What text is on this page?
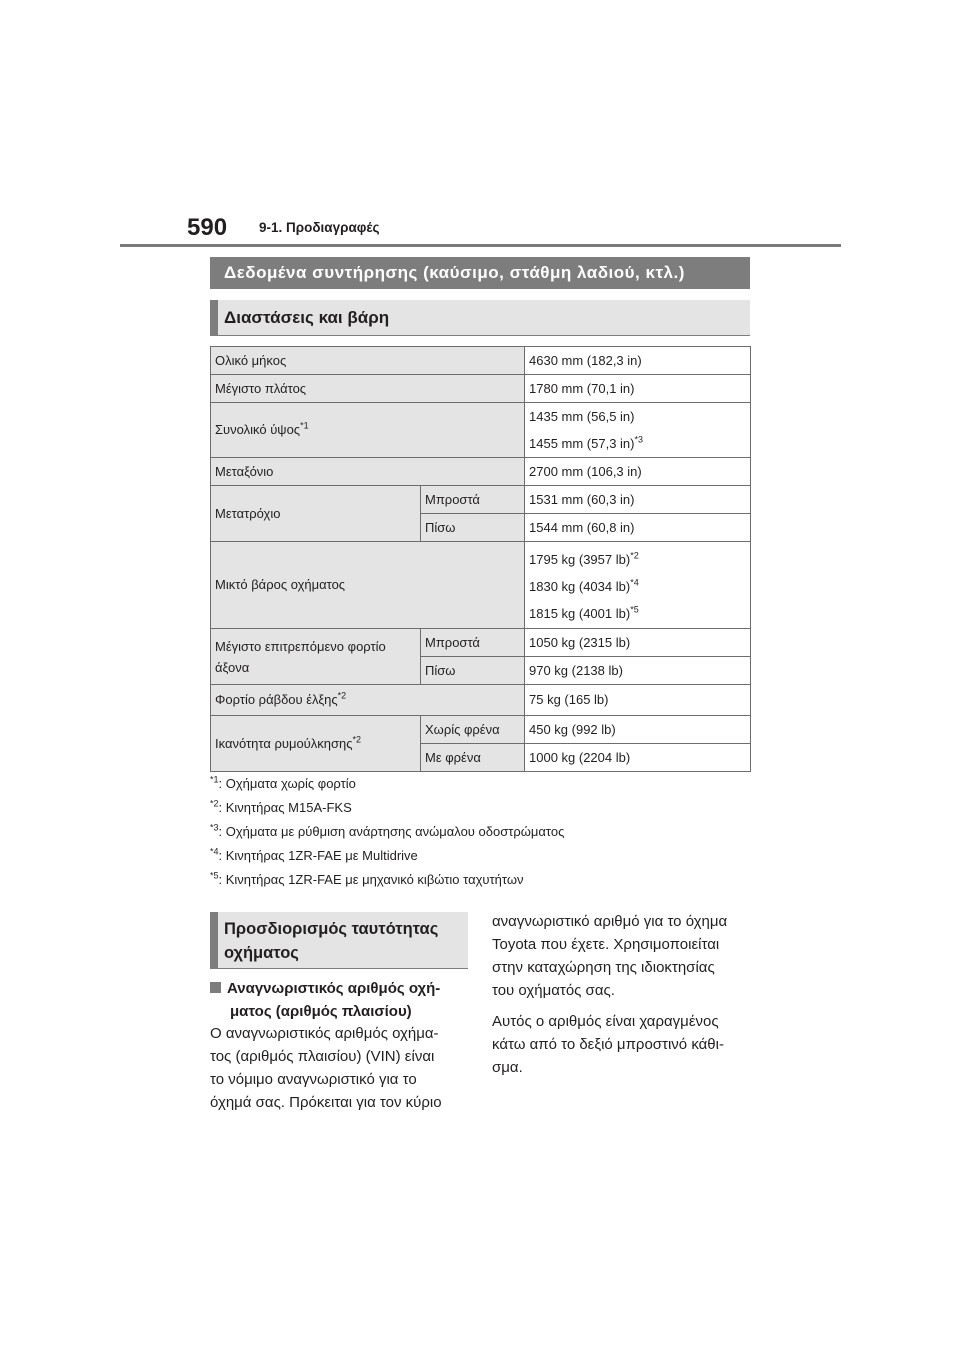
590 9-1. Προδιαγραφές
Δεδομένα συντήρησης (καύσιμο, στάθμη λαδιού, κτλ.)
Διαστάσεις και βάρη
Ολικό μήκος		4630 mm (182,3 in)
Μέγιστο πλάτος		1780 mm (70,1 in)
Συνολικό ύψος$^{*1}$		1435 mm (56,5 in)
1455 mm (57,3 in)$^{*3}$

Μεταξόνιο		2700 mm (106,3 in)
Μετατρόχιο	Μπροστά	1531 mm (60,3 in)
	Πίσω	1544 mm (60,8 in)
Μικτό βάρος οχήματος		1795 kg (3957 lb)$^{*2}$
1830 kg (4034 lb)$^{*4}$
1815 kg (4001 lb)$^{*5}$

Μέγιστο επιτρεπόμενο φορτίο
άξονα	Μπροστά	1050 kg (2315 lb)
	Πίσω	970 kg (2138 lb)
Φορτίο ράβδου έλξης$^{*2}$		75 kg (165 lb)
Ικανότητα ρυμούλκησης$^{*2}$	Χωρίς φρένα	450 kg (992 lb)
	Με φρένα	1000 kg (2204 lb)
$^{*1}$: Οχήματα χωρίς φορτίο
$^{*2}$: Κινητήρας M15A-FKS
$^{*3}$: Οχήματα με ρύθμιση ανάρτησης ανώμαλου οδοστρώματος
$^{*4}$: Κινητήρας 1ZR-FAE με Multidrive
$^{*5}$: Κινητήρας 1ZR-FAE με μηχανικό κιβώτιο ταχυτήτων
Προσδιορισμός ταυτότητας
οχήματος
Αναγνωριστικός αριθμός οχή-
ματος (αριθμός πλαισίου)
Ο αναγνωριστικός αριθμός οχήμα-
τος (αριθμός πλαισίου) (VIN) είναι
το νόμιμο αναγνωριστικό για το
όχημά σας. Πρόκειται για τον κύριο

αναγνωριστικό αριθμό για το όχημα
Toyota που έχετε. Χρησιμοποιείται
στην καταχώρηση της ιδιοκτησίας
του οχήματός σας.

Αυτός ο αριθμός είναι χαραγμένος
κάτω από το δεξιό μπροστινό κάθι-
σμα.
